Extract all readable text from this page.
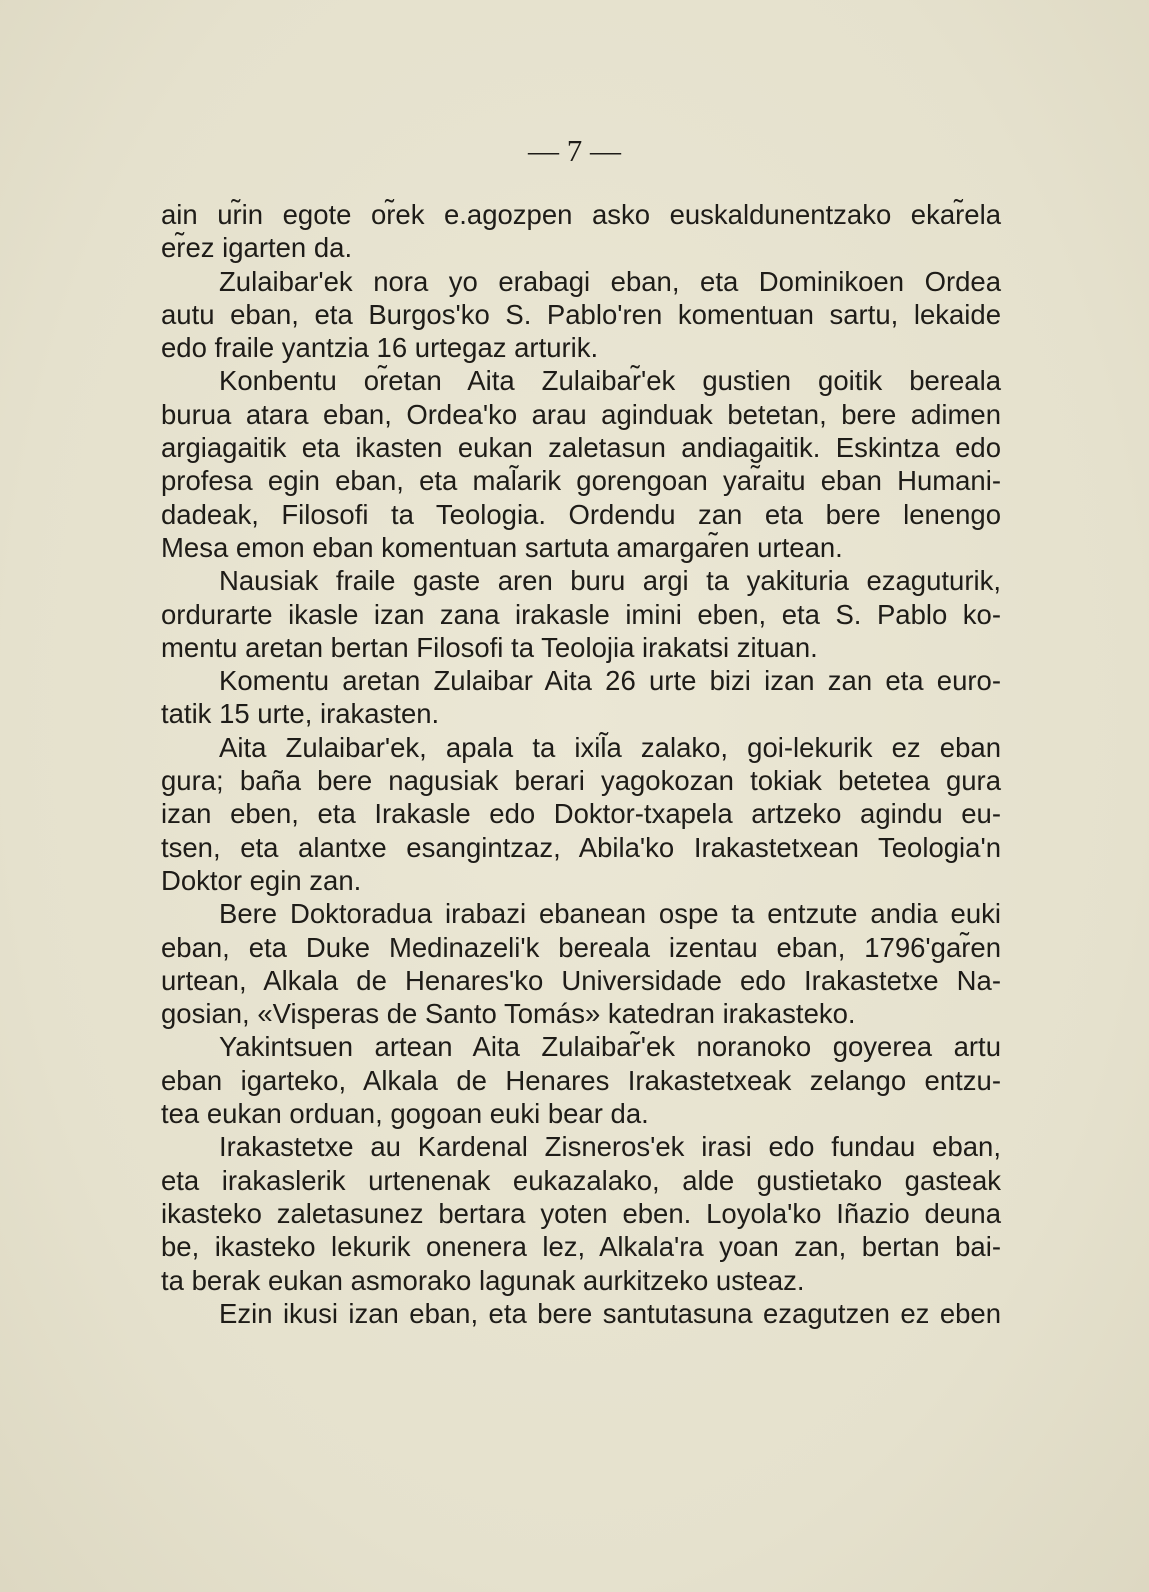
— 7 —
ain ur̃in egote or̃ek e.agozpen asko euskaldunentzako ekar̃ela
er̃ez igarten da.
Zulaibar'ek nora yo erabagi eban, eta Dominikoen Ordea
autu eban, eta Burgos'ko S. Pablo'ren komentuan sartu, lekaide
edo fraile yantzia 16 urtegaz arturik.
Konbentu or̃etan Aita Zulaibar̃'ek gustien goitik bereala
burua atara eban, Ordea'ko arau aginduak betetan, bere adimen
argiagaitik eta ikasten eukan zaletasun andiagaitik. Eskintza edo
profesa egin eban, eta mal̃arik gorengoan yar̃aitu eban Humani-
dadeak, Filosofi ta Teologia. Ordendu zan eta bere lenengo
Mesa emon eban komentuan sartuta amargar̃en urtean.
Nausiak fraile gaste aren buru argi ta yakituria ezaguturik,
ordurarte ikasle izan zana irakasle imini eben, eta S. Pablo ko-
mentu aretan bertan Filosofi ta Teolojia irakatsi zituan.
Komentu aretan Zulaibar Aita 26 urte bizi izan zan eta euro-
tatik 15 urte, irakasten.
Aita Zulaibar'ek, apala ta ixil̃a zalako, goi-lekurik ez eban
gura; baña bere nagusiak berari yagokozan tokiak betetea gura
izan eben, eta Irakasle edo Doktor-txapela artzeko agindu eu-
tsen, eta alantxe esangintzaz, Abila'ko Irakastetxean Teologia'n
Doktor egin zan.
Bere Doktoradua irabazi ebanean ospe ta entzute andia euki
eban, eta Duke Medinazeli'k bereala izentau eban, 1796'gar̃en
urtean, Alkala de Henares'ko Universidade edo Irakastetxe Na-
gosian, «Visperas de Santo Tomás» katedran irakasteko.
Yakintsuen artean Aita Zulaibar̃'ek noranoko goyerea artu
eban igarteko, Alkala de Henares Irakastetxeak zelango entzu-
tea eukan orduan, gogoan euki bear da.
Irakastetxe au Kardenal Zisneros'ek irasi edo fundau eban,
eta irakaslerik urtenenak eukazalako, alde gustietako gasteak
ikasteko zaletasunez bertara yoten eben. Loyola'ko Iñazio deuna
be, ikasteko lekurik onenera lez, Alkala'ra yoan zan, bertan bai-
ta berak eukan asmorako lagunak aurkitzeko usteaz.
Ezin ikusi izan eban, eta bere santutasuna ezagutzen ez eben
